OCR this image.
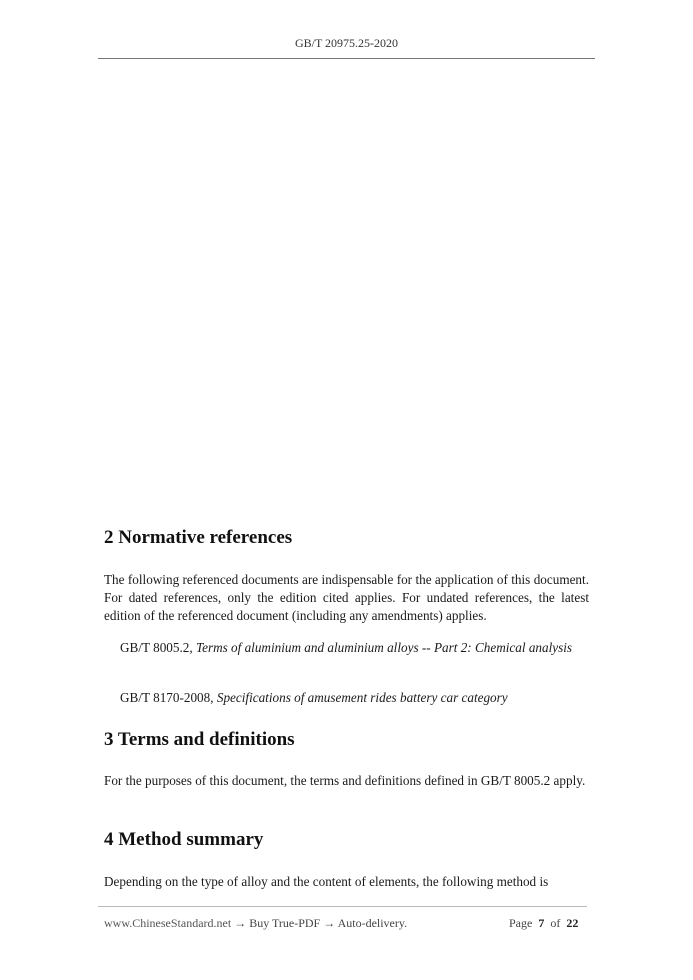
GB/T 20975.25-2020
2 Normative references

The following referenced documents are indispensable for the application of this document. For dated references, only the edition cited applies. For undated references, the latest edition of the referenced document (including any amendments) applies.

GB/T 8005.2, Terms of aluminium and aluminium alloys -- Part 2: Chemical analysis

GB/T 8170-2008, Specifications of amusement rides battery car category

3 Terms and definitions

For the purposes of this document, the terms and definitions defined in GB/T 8005.2 apply.

4 Method summary

Depending on the type of alloy and the content of elements, the following method is

www.ChineseStandard.net → Buy True-PDF → Auto-delivery.	Page 7 of 22
